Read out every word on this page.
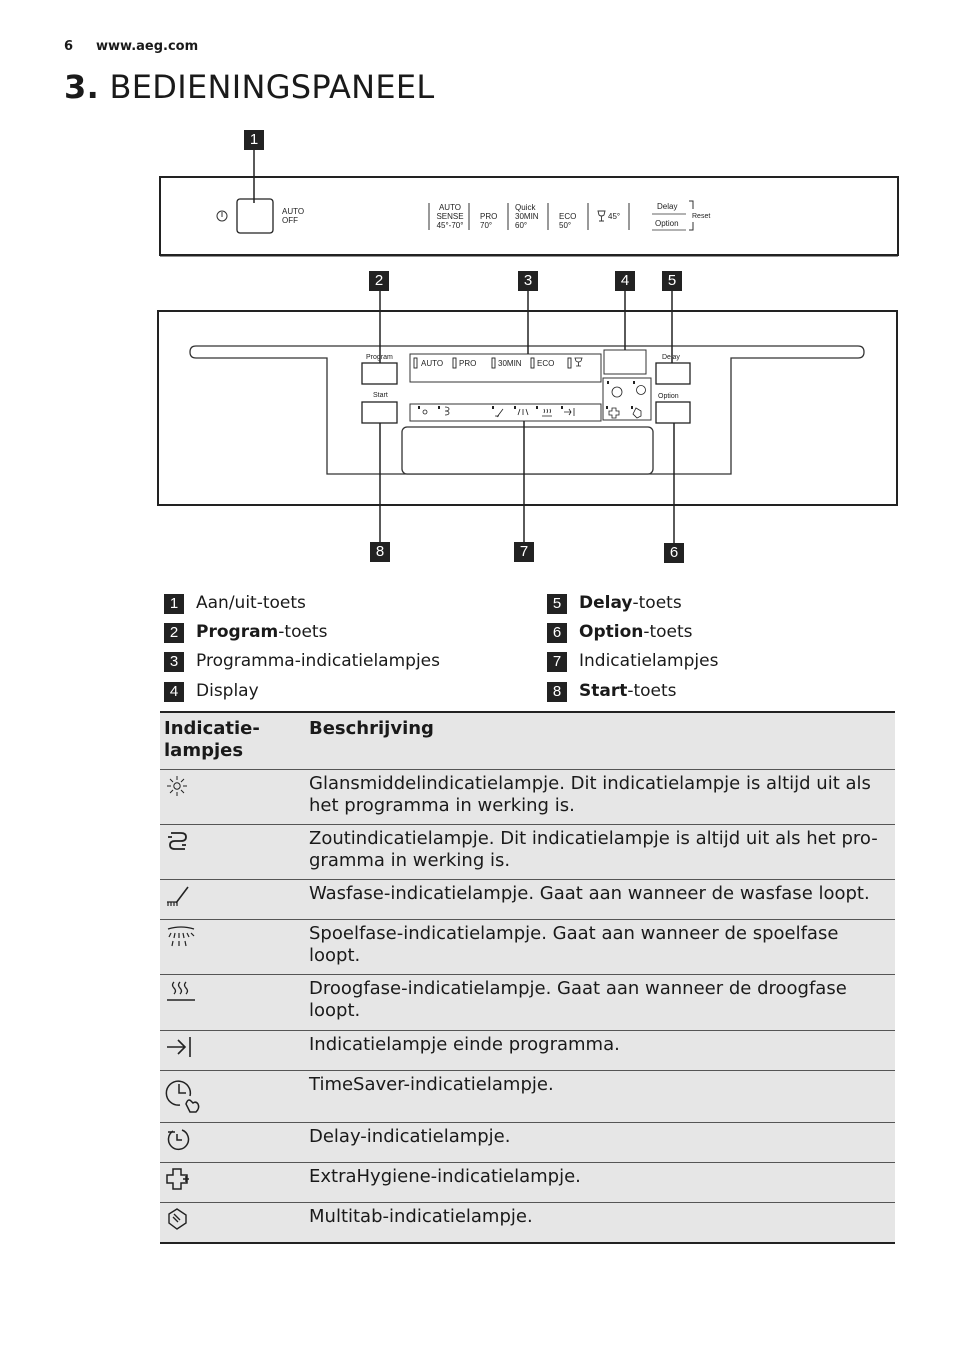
6 www.aeg.com
3. BEDIENINGSPANEEL
1
AUTO
OFF
AUTO
SENSE
45°-70°
PRO
70°
Quick
30MIN
60°
ECO
50°
45°
Delay
Option
Reset
Program
Start
Delay
Option
AUTO PRO	30MIN ECO
2	3	4	5
8	7	6
1	Aan/uit-toets
2	Program-toets
3	Programma-indicatielampjes
4	Display
5	Delay-toets
6	Option-toets
7	Indicatielampjes
8	Start-toets
Indicatie-
lampjes	Beschrijving

	Glansmiddelindicatielampje. Dit indicatielampje is altijd uit als het programma in werking is.

	Zoutindicatielampje. Dit indicatielampje is altijd uit als het pro-gramma in werking is.

	Wasfase-indicatielampje. Gaat aan wanneer de wasfase loopt.

	Spoelfase-indicatielampje. Gaat aan wanneer de spoelfase loopt.

	Droogfase-indicatielampje. Gaat aan wanneer de droogfase loopt.

	Indicatielampje einde programma.

	TimeSaver-indicatielampje.

	Delay-indicatielampje.

	ExtraHygiene-indicatielampje.

	Multitab-indicatielampje.
